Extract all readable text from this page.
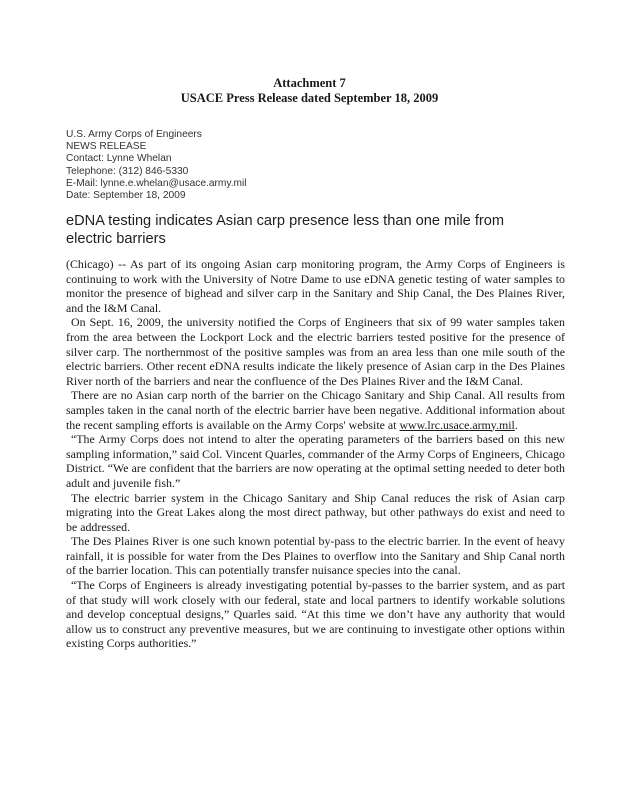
Attachment 7
USACE Press Release dated September 18, 2009
U.S. Army Corps of Engineers
NEWS RELEASE
Contact: Lynne Whelan
Telephone: (312) 846-5330
E-Mail: lynne.e.whelan@usace.army.mil
Date: September 18, 2009
eDNA testing indicates Asian carp presence less than one mile from electric barriers

(Chicago) -- As part of its ongoing Asian carp monitoring program, the Army Corps of Engineers is continuing to work with the University of Notre Dame to use eDNA genetic testing of water samples to monitor the presence of bighead and silver carp in the Sanitary and Ship Canal, the Des Plaines River, and the I&M Canal.

On Sept. 16, 2009, the university notified the Corps of Engineers that six of 99 water samples taken from the area between the Lockport Lock and the electric barriers tested positive for the presence of silver carp. The northernmost of the positive samples was from an area less than one mile south of the electric barriers. Other recent eDNA results indicate the likely presence of Asian carp in the Des Plaines River north of the barriers and near the confluence of the Des Plaines River and the I&M Canal.

There are no Asian carp north of the barrier on the Chicago Sanitary and Ship Canal. All results from samples taken in the canal north of the electric barrier have been negative. Additional information about the recent sampling efforts is available on the Army Corps' website at www.lrc.usace.army.mil.

“The Army Corps does not intend to alter the operating parameters of the barriers based on this new sampling information,” said Col. Vincent Quarles, commander of the Army Corps of Engineers, Chicago District. “We are confident that the barriers are now operating at the optimal setting needed to deter both adult and juvenile fish.”

The electric barrier system in the Chicago Sanitary and Ship Canal reduces the risk of Asian carp migrating into the Great Lakes along the most direct pathway, but other pathways do exist and need to be addressed.

The Des Plaines River is one such known potential by-pass to the electric barrier. In the event of heavy rainfall, it is possible for water from the Des Plaines to overflow into the Sanitary and Ship Canal north of the barrier location. This can potentially transfer nuisance species into the canal.

“The Corps of Engineers is already investigating potential by-passes to the barrier system, and as part of that study will work closely with our federal, state and local partners to identify workable solutions and develop conceptual designs,” Quarles said. “At this time we don’t have any authority that would allow us to construct any preventive measures, but we are continuing to investigate other options within existing Corps authorities.”
